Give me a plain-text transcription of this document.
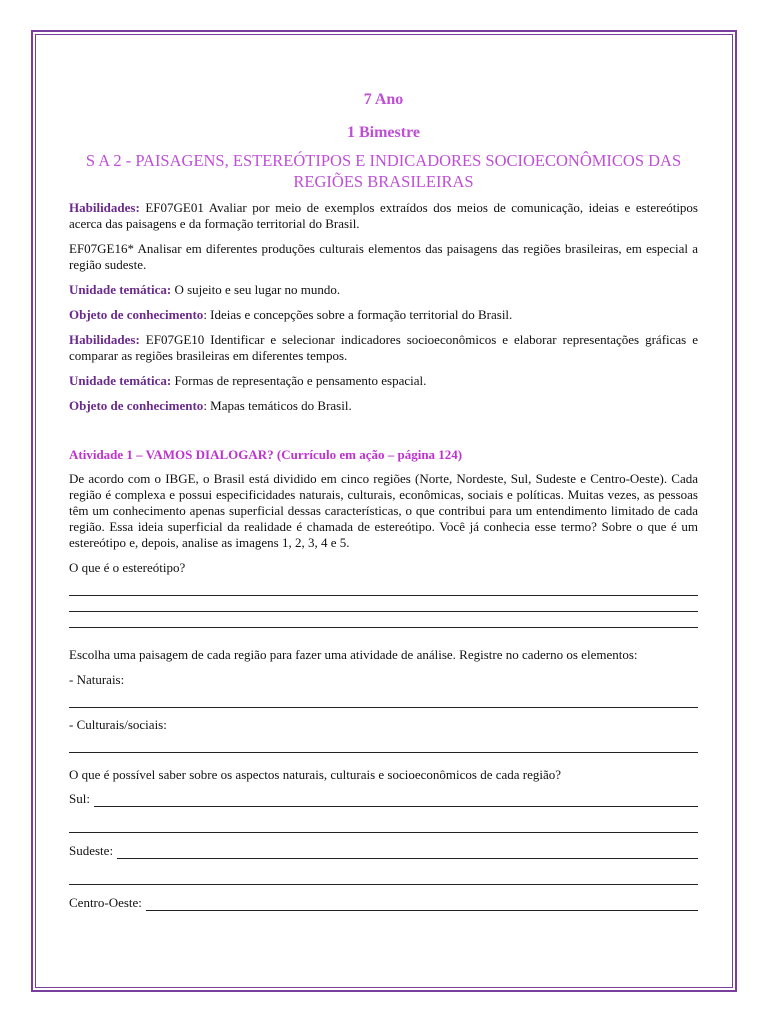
7 Ano
1 Bimestre
S A 2 - PAISAGENS, ESTEREÓTIPOS E INDICADORES SOCIOECONÔMICOS DAS REGIÕES BRASILEIRAS

Habilidades: EF07GE01 Avaliar por meio de exemplos extraídos dos meios de comunicação, ideias e estereótipos acerca das paisagens e da formação territorial do Brasil.

EF07GE16* Analisar em diferentes produções culturais elementos das paisagens das regiões brasileiras, em especial a região sudeste.

Unidade temática: O sujeito e seu lugar no mundo.

Objeto de conhecimento: Ideias e concepções sobre a formação territorial do Brasil.

Habilidades: EF07GE10 Identificar e selecionar indicadores socioeconômicos e elaborar representações gráficas e comparar as regiões brasileiras em diferentes tempos.

Unidade temática: Formas de representação e pensamento espacial.

Objeto de conhecimento: Mapas temáticos do Brasil.

Atividade 1 – VAMOS DIALOGAR? (Currículo em ação – página 124)

De acordo com o IBGE, o Brasil está dividido em cinco regiões (Norte, Nordeste, Sul, Sudeste e Centro-Oeste). Cada região é complexa e possui especificidades naturais, culturais, econômicas, sociais e políticas. Muitas vezes, as pessoas têm um conhecimento apenas superficial dessas características, o que contribui para um entendimento limitado de cada região. Essa ideia superficial da realidade é chamada de estereótipo. Você já conhecia esse termo? Sobre o que é um estereótipo e, depois, analise as imagens 1, 2, 3, 4 e 5.

O que é o estereótipo?

Escolha uma paisagem de cada região para fazer uma atividade de análise. Registre no caderno os elementos:

- Naturais:

- Culturais/sociais:

O que é possível saber sobre os aspectos naturais, culturais e socioeconômicos de cada região?

Sul:
Sudeste:
Centro-Oeste:
